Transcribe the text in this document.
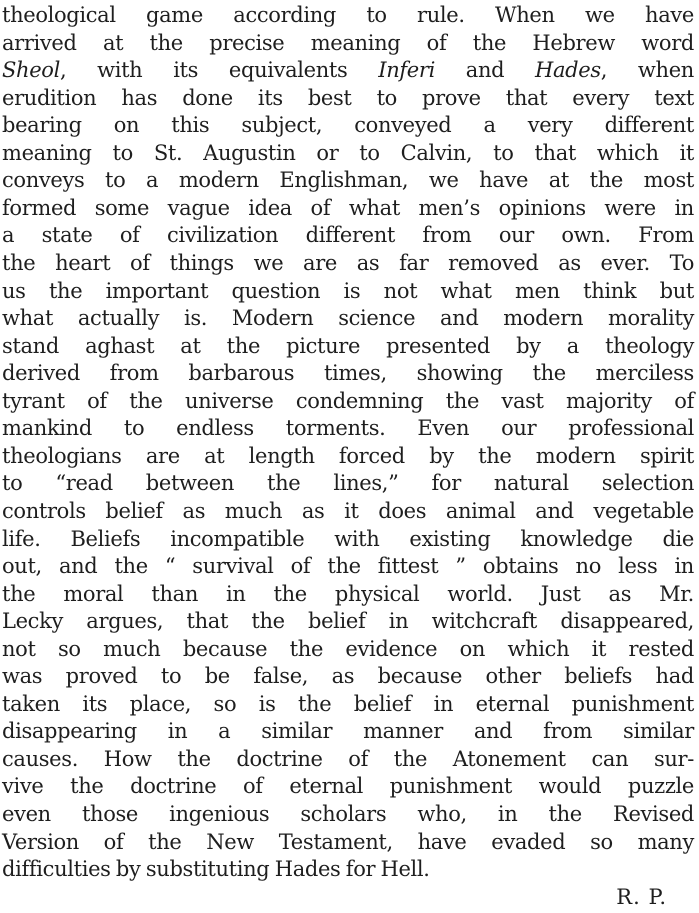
theological game according to rule. When we have
arrived at the precise meaning of the Hebrew word
Sheol, with its equivalents Inferi and Hades, when
erudition has done its best to prove that every text
bearing on this subject, conveyed a very different
meaning to St. Augustin or to Calvin, to that which it
conveys to a modern Englishman, we have at the most
formed some vague idea of what men’s opinions were in
a state of civilization different from our own. From
the heart of things we are as far removed as ever. To
us the important question is not what men think but
what actually is. Modern science and modern morality
stand aghast at the picture presented by a theology
derived from barbarous times, showing the merciless
tyrant of the universe condemning the vast majority of
mankind to endless torments. Even our professional
theologians are at length forced by the modern spirit
to “read between the lines,” for natural selection
controls belief as much as it does animal and vegetable
life. Beliefs incompatible with existing knowledge die
out, and the “ survival of the fittest ” obtains no less in
the moral than in the physical world. Just as Mr.
Lecky argues, that the belief in witchcraft disappeared,
not so much because the evidence on which it rested
was proved to be false, as because other beliefs had
taken its place, so is the belief in eternal punishment
disappearing in a similar manner and from similar
causes. How the doctrine of the Atonement can sur-
vive the doctrine of eternal punishment would puzzle
even those ingenious scholars who, in the Revised
Version of the New Testament, have evaded so many
difficulties by substituting Hades for Hell.
R. P.
